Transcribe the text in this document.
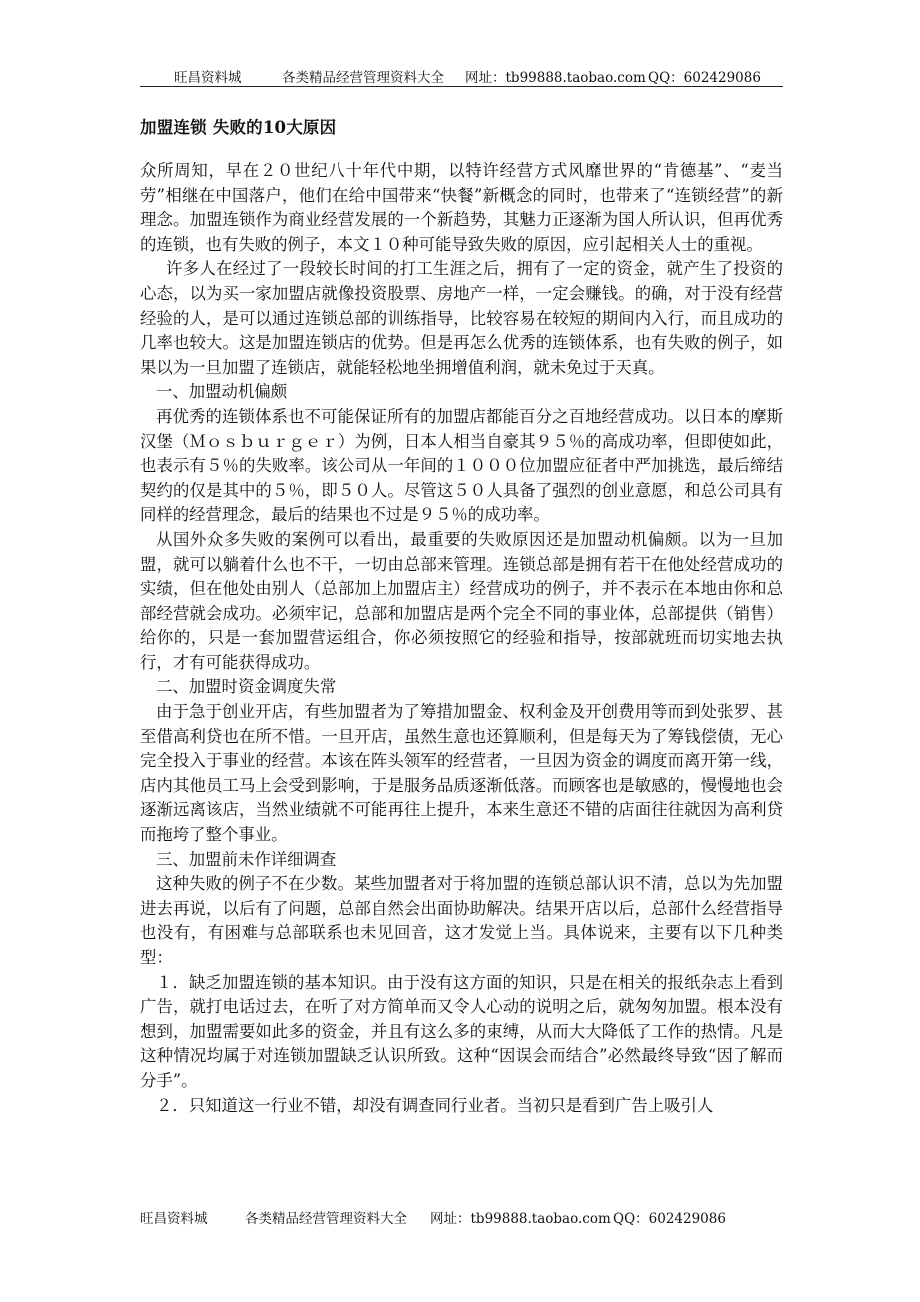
旺昌资料城	各类精品经营管理资料大全 网址：tb99888.taobao.com QQ：602429086
加盟连锁 失败的10大原因

众所周知，早在２０世纪八十年代中期，以特许经营方式风靡世界的“肯德基”、“麦当劳”相继在中国落户，他们在给中国带来“快餐”新概念的同时，也带来了“连锁经营”的新理念。加盟连锁作为商业经营发展的一个新趋势，其魅力正逐渐为国人所认识，但再优秀的连锁，也有失败的例子，本文１０种可能导致失败的原因，应引起相关人士的重视。

许多人在经过了一段较长时间的打工生涯之后，拥有了一定的资金，就产生了投资的心态，以为买一家加盟店就像投资股票、房地产一样，一定会赚钱。的确，对于没有经营经验的人，是可以通过连锁总部的训练指导，比较容易在较短的期间内入行，而且成功的几率也较大。这是加盟连锁店的优势。但是再怎么优秀的连锁体系，也有失败的例子，如果以为一旦加盟了连锁店，就能轻松地坐拥增值利润，就未免过于天真。

一、加盟动机偏颇

再优秀的连锁体系也不可能保证所有的加盟店都能百分之百地经营成功。以日本的摩斯汉堡（Ｍｏｓｂｕｒｇｅｒ）为例，日本人相当自豪其９５％的高成功率，但即使如此，也表示有５％的失败率。该公司从一年间的１０００位加盟应征者中严加挑选，最后缔结契约的仅是其中的５％，即５０人。尽管这５０人具备了强烈的创业意愿，和总公司具有同样的经营理念，最后的结果也不过是９５％的成功率。

从国外众多失败的案例可以看出，最重要的失败原因还是加盟动机偏颇。以为一旦加盟，就可以躺着什么也不干，一切由总部来管理。连锁总部是拥有若干在他处经营成功的实绩，但在他处由别人（总部加上加盟店主）经营成功的例子，并不表示在本地由你和总部经营就会成功。必须牢记，总部和加盟店是两个完全不同的事业体，总部提供（销售）给你的，只是一套加盟营运组合，你必须按照它的经验和指导，按部就班而切实地去执行，才有可能获得成功。

二、加盟时资金调度失常

由于急于创业开店，有些加盟者为了筹措加盟金、权利金及开创费用等而到处张罗、甚至借高利贷也在所不惜。一旦开店，虽然生意也还算顺利，但是每天为了筹钱偿债，无心完全投入于事业的经营。本该在阵头领军的经营者，一旦因为资金的调度而离开第一线，店内其他员工马上会受到影响，于是服务品质逐渐低落。而顾客也是敏感的，慢慢地也会逐渐远离该店，当然业绩就不可能再往上提升，本来生意还不错的店面往往就因为高利贷而拖垮了整个事业。

三、加盟前未作详细调查

这种失败的例子不在少数。某些加盟者对于将加盟的连锁总部认识不清，总以为先加盟进去再说，以后有了问题，总部自然会出面协助解决。结果开店以后，总部什么经营指导也没有，有困难与总部联系也未见回音，这才发觉上当。具体说来，主要有以下几种类型：

１．缺乏加盟连锁的基本知识。由于没有这方面的知识，只是在相关的报纸杂志上看到广告，就打电话过去，在听了对方简单而又令人心动的说明之后，就匆匆加盟。根本没有想到，加盟需要如此多的资金，并且有这么多的束缚，从而大大降低了工作的热情。凡是这种情况均属于对连锁加盟缺乏认识所致。这种“因误会而结合”必然最终导致“因了解而分手”。

２．只知道这一行业不错，却没有调查同行业者。当初只是看到广告上吸引人

旺昌资料城	各类精品经营管理资料大全 网址：tb99888.taobao.com QQ：602429086
